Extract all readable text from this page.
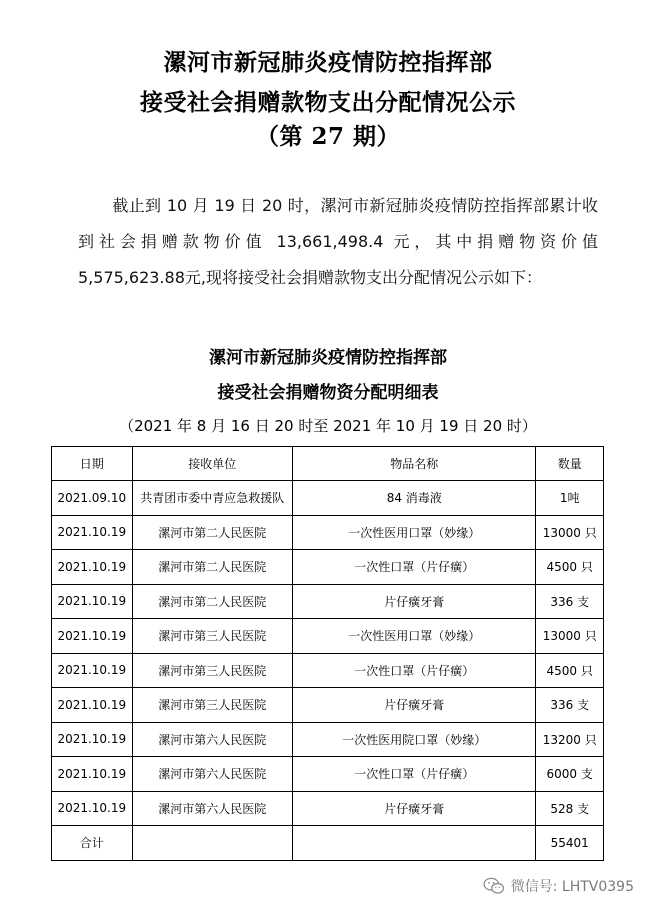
漯河市新冠肺炎疫情防控指挥部
接受社会捐赠款物支出分配情况公示
（第 27 期）
截止到 10 月 19 日 20 时，漯河市新冠肺炎疫情防控指挥部累计收到社会捐赠款物价值 13,661,498.4 元，其中捐赠物资价值 5,575,623.88元,现将接受社会捐赠款物支出分配情况公示如下：
漯河市新冠肺炎疫情防控指挥部
接受社会捐赠物资分配明细表
（2021 年 8 月 16 日 20 时至 2021 年 10 月 19 日 20 时）
日期	接收单位	物品名称	数量
2021.09.10	共青团市委中青应急救援队	84 消毒液	1吨
2021.10.19	漯河市第二人民医院	一次性医用口罩（妙缘）	13000 只
2021.10.19	漯河市第二人民医院	一次性口罩（片仔癀）	4500 只
2021.10.19	漯河市第二人民医院	片仔癀牙膏	336 支
2021.10.19	漯河市第三人民医院	一次性医用口罩（妙缘）	13000 只
2021.10.19	漯河市第三人民医院	一次性口罩（片仔癀）	4500 只
2021.10.19	漯河市第三人民医院	片仔癀牙膏	336 支
2021.10.19	漯河市第六人民医院	一次性医用院口罩（妙缘）	13200 只
2021.10.19	漯河市第六人民医院	一次性口罩（片仔癀）	6000 支
2021.10.19	漯河市第六人民医院	片仔癀牙膏	528 支
合计			55401
微信号: LHTV0395
